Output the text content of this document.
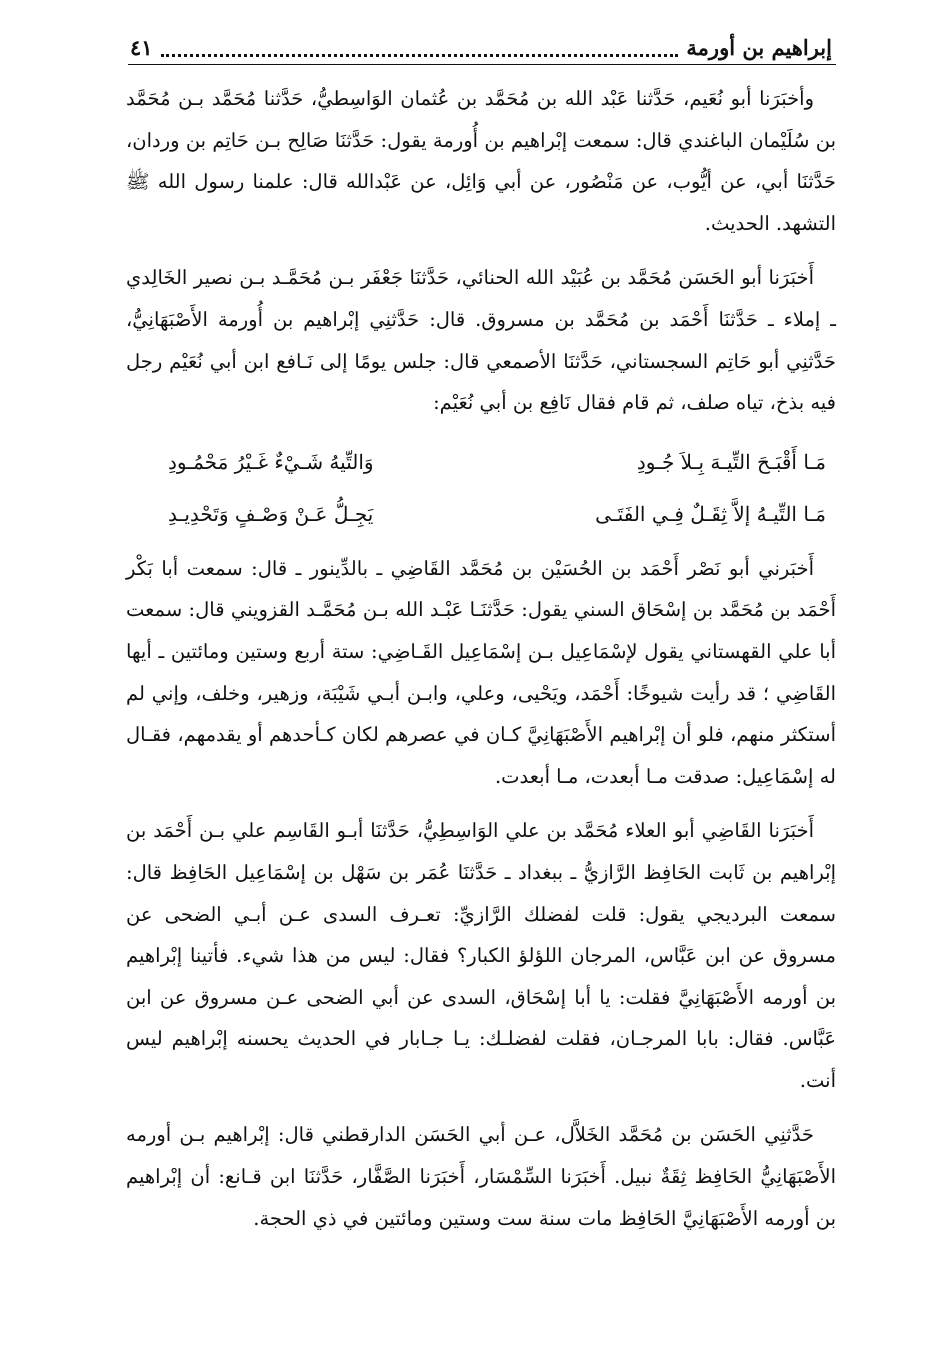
إبراهيم بن أورمة
٤١

وأخبَرَنا أبو نُعَيم، حَدَّثنا عَبْد الله بن مُحَمَّد بن عُثمان الوَاسِطيُّ، حَدَّثنا مُحَمَّد بـن مُحَمَّد بن سُلَيْمان الباغندي قال: سمعت إبْراهيم بن أُورمة يقول: حَدَّثنَا صَالِح بـن حَاتِم بن وردان، حَدَّثنَا أبي، عن أيُّوب، عن مَنْصُور، عن أبي وَائِل، عن عَبْدالله قال: علمنا رسول الله ﷺ التشهد. الحديث.

أَخبَرَنا أبو الحَسَن مُحَمَّد بن عُبَيْد الله الحنائي، حَدَّثنَا جَعْفَر بـن مُحَمَّـد بـن نصير الخَالِدي ـ إملاء ـ حَدَّثنَا أَحْمَد بن مُحَمَّد بن مسروق. قال: حَدَّثنِي إبْراهيم بن أُورمة الأَصْبَهَانِيُّ، حَدَّثنِي أبو حَاتِم السجستاني، حَدَّثنَا الأصمعي قال: جلس يومًا إلى نَـافع ابن أبي نُعَيْم رجل فيه بذخ، تياه صلف، ثم قام فقال نَافِع بن أبي نُعَيْم:

مَـا أَقْبَـحَ التِّيـهَ بِـلاَ جُـودِ
وَالتِّيهُ شَـيْءٌ غَـيْرُ مَحْمُـودِ
مَـا التِّيـهُ إلاَّ ثِقَـلٌ فِـي الفَتَـى
يَجِـلُّ عَـنْ وَصْـفٍ وَتَحْدِيـدِ

أَخبَرني أبو نَصْر أَحْمَد بن الحُسَيْن بن مُحَمَّد القَاضِي ـ بالدِّينور ـ قال: سمعت أبا بَكْر أَحْمَد بن مُحَمَّد بن إسْحَاق السني يقول: حَدَّثنَـا عَبْـد الله بـن مُحَمَّـد القزويني قال: سمعت أبا علي القهستاني يقول لإسْمَاعِيل بـن إسْمَاعِيل القَـاضِي: ستة أربع وستين ومائتين ـ أيها القَاضِي ؛ قد رأيت شيوخًا: أَحْمَد، ويَحْيى، وعلي، وابـن أبـي شَيْبَة، وزهير، وخلف، وإني لم أستكثر منهم، فلو أن إبْراهيم الأَصْبَهَانِيَّ كـان في عصرهم لكان كـأحدهم أو يقدمهم، فقـال له إسْمَاعِيل: صدقت مـا أبعدت، مـا أبعدت.

أَخبَرَنا القَاضِي أبو العلاء مُحَمَّد بن علي الوَاسِطِيُّ، حَدَّثنَا أبـو القَاسِم علي بـن أَحْمَد بن إبْراهيم بن ثَابت الحَافِظ الرَّازيُّ ـ ببغداد ـ حَدَّثنَا عُمَر بن سَهْل بن إسْمَاعِيل الحَافِظ قال: سمعت البرديجي يقول: قلت لفضلك الرَّازيِّ: تعـرف السدى عـن أبـي الضحى عن مسروق عن ابن عَبَّاس، المرجان اللؤلؤ الكبار؟ فقال: ليس من هذا شيء. فأتينا إبْراهيم بن أورمه الأَصْبَهَانِيَّ فقلت: يا أبا إسْحَاق، السدى عن أبي الضحى عـن مسروق عن ابن عَبَّاس. فقال: بابا المرجـان، فقلت لفضلـك: يـا جـابار في الحديث يحسنه إبْراهيم ليس أنت.

حَدَّثنِي الحَسَن بن مُحَمَّد الخَلاَّل، عـن أبي الحَسَن الدارقطني قال: إبْراهيم بـن أورمه الأَصْبَهَانِيُّ الحَافِظ ثِقَةٌ نبيل. أَخبَرَنا السِّمْسَار، أَخبَرَنا الصَّفَّار، حَدَّثنَا ابن قـانع: أن إبْراهيم بن أورمه الأَصْبَهَانِيَّ الحَافِظ مات سنة ست وستين ومائتين في ذي الحجة.
